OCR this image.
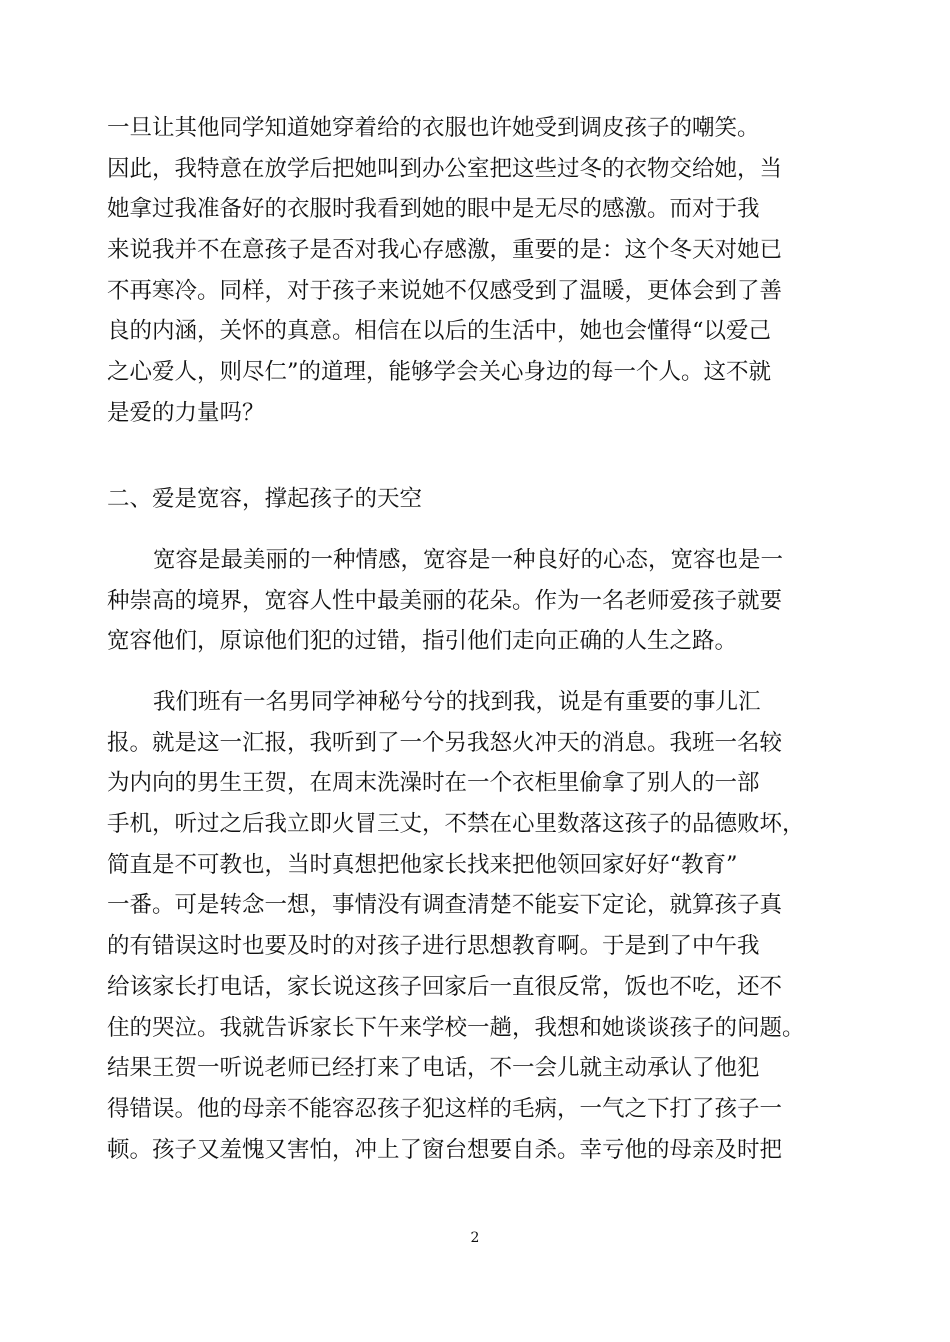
一旦让其他同学知道她穿着给的衣服也许她受到调皮孩子的嘲笑。
因此，我特意在放学后把她叫到办公室把这些过冬的衣物交给她，当
她拿过我准备好的衣服时我看到她的眼中是无尽的感激。而对于我
来说我并不在意孩子是否对我心存感激，重要的是：这个冬天对她已
不再寒冷。同样，对于孩子来说她不仅感受到了温暖，更体会到了善
良的内涵，关怀的真意。相信在以后的生活中，她也会懂得“以爱己
之心爱人，则尽仁”的道理，能够学会关心身边的每一个人。这不就
是爱的力量吗？
二、爱是宽容，撑起孩子的天空
宽容是最美丽的一种情感，宽容是一种良好的心态，宽容也是一
种崇高的境界，宽容人性中最美丽的花朵。作为一名老师爱孩子就要
宽容他们，原谅他们犯的过错，指引他们走向正确的人生之路。
我们班有一名男同学神秘兮兮的找到我，说是有重要的事儿汇
报。就是这一汇报，我听到了一个另我怒火冲天的消息。我班一名较
为内向的男生王贺，在周末洗澡时在一个衣柜里偷拿了别人的一部
手机，听过之后我立即火冒三丈，不禁在心里数落这孩子的品德败坏，
简直是不可教也，当时真想把他家长找来把他领回家好好“教育”
一番。可是转念一想，事情没有调查清楚不能妄下定论，就算孩子真
的有错误这时也要及时的对孩子进行思想教育啊。于是到了中午我
给该家长打电话，家长说这孩子回家后一直很反常，饭也不吃，还不
住的哭泣。我就告诉家长下午来学校一趟，我想和她谈谈孩子的问题。
结果王贺一听说老师已经打来了电话，不一会儿就主动承认了他犯
得错误。他的母亲不能容忍孩子犯这样的毛病，一气之下打了孩子一
顿。孩子又羞愧又害怕，冲上了窗台想要自杀。幸亏他的母亲及时把
2
